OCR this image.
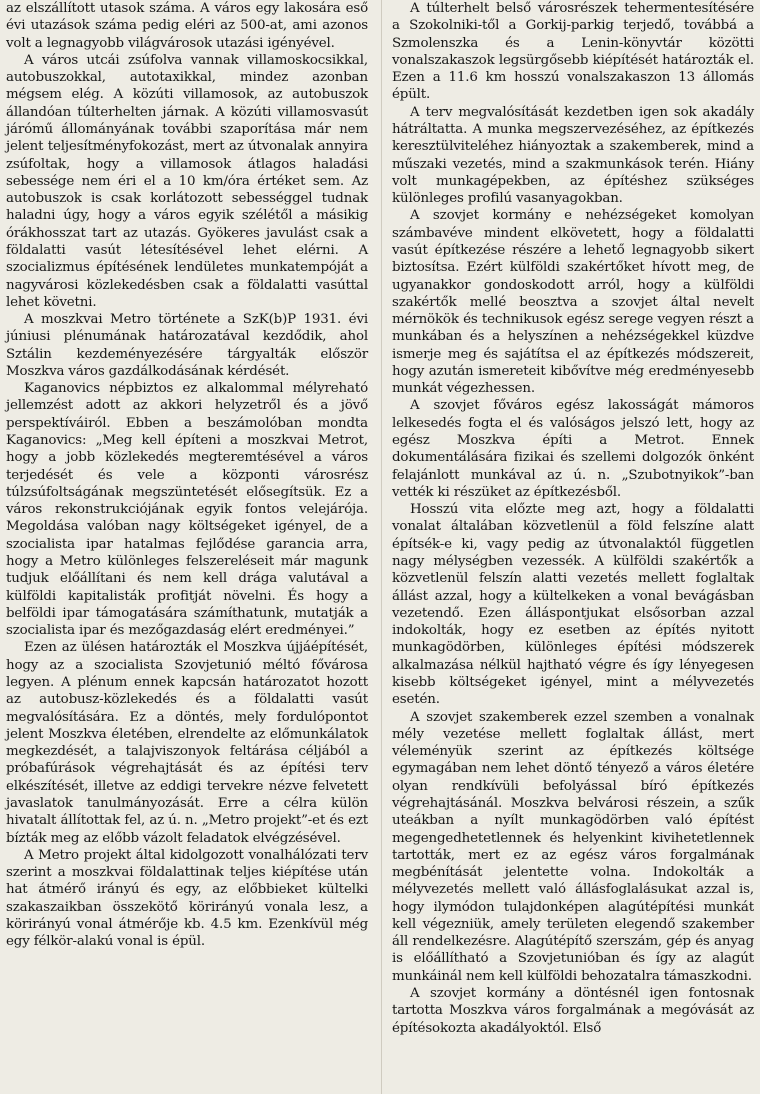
az elszállított utasok száma. A város egy lakosára eső évi utazások száma pedig eléri az 500-at, ami azonos volt a legnagyobb világvárosok utazási igényével.

A város utcái zsúfolva vannak villamoskocsikkal, autobuszokkal, autotaxikkal, mindez azonban mégsem elég. A közúti villamosok, az autobuszok állandóan túlterhelten járnak. A közúti villamosvasút járómű állományának további szaporítása már nem jelent teljesítményfokozást, mert az útvonalak annyira zsúfoltak, hogy a villamosok átlagos haladási sebessége nem éri el a 10 km/óra értéket sem. Az autobuszok is csak korlátozott sebességgel tudnak haladni úgy, hogy a város egyik szélétől a másikig órákhosszat tart az utazás. Gyökeres javulást csak a földalatti vasút létesítésével lehet elérni. A szocializmus építésének lendületes munkatempóját a nagyvárosi közlekedésben csak a földalatti vasúttal lehet követni.

A moszkvai Metro története a SzK(b)P 1931. évi júniusi plénumának határozatával kezdődik, ahol Sztálin kezdeményezésére tárgyalták először Moszkva város gazdálkodásának kérdését.

Kaganovics népbiztos ez alkalommal mélyreható jellemzést adott az akkori helyzetről és a jövő perspektíváiról. Ebben a beszámolóban mondta Kaganovics: „Meg kell építeni a moszkvai Metrot, hogy a jobb közlekedés megteremtésével a város terjedését és vele a központi városrész túlzsúfoltságának megszüntetését elősegítsük. Ez a város rekonstrukciójának egyik fontos velejárója. Megoldása valóban nagy költségeket igényel, de a szocialista ipar hatalmas fejlődése garancia arra, hogy a Metro különleges felszereléseit már magunk tudjuk előállítani és nem kell drága valutával a külföldi kapitalisták profitját növelni. És hogy a belföldi ipar támogatására számíthatunk, mutatják a szocialista ipar és mezőgazdaság elért eredményei.”

Ezen az ülésen határozták el Moszkva újjáépítését, hogy az a szocialista Szovjetunió méltó fővárosa legyen. A plénum ennek kapcsán határozatot hozott az autobusz-közlekedés és a földalatti vasút megvalósítására. Ez a döntés, mely fordulópontot jelent Moszkva életében, elrendelte az előmunkálatok megkezdését, a talajviszonyok feltárása céljából a próbafúrások végrehajtását és az építési terv elkészítését, illetve az eddigi tervekre nézve felvetett javaslatok tanulmányozását. Erre a célra külön hivatalt állítottak fel, az ú. n. „Metro projekt”-et és ezt bízták meg az előbb vázolt feladatok elvégzésével.

A Metro projekt által kidolgozott vonalhálózati terv szerint a moszkvai földalattinak teljes kiépítése után hat átmérő irányú és egy, az előbbieket kültelki szakaszaikban összekötő körirányú vonala lesz, a körirányú vonal átmérője kb. 4.5 km. Ezenkívül még egy félkör-alakú vonal is épül.

A túlterhelt belső városrészek tehermentesítésére a Szokolniki-től a Gorkij-parkig terjedő, továbbá a Szmolenszka és a Lenin-könyvtár közötti vonalszakaszok legsürgősebb kiépítését határozták el. Ezen a 11.6 km hosszú vonalszakaszon 13 állomás épült.

A terv megvalósítását kezdetben igen sok akadály hátráltatta. A munka megszervezéséhez, az építkezés keresztülviteléhez hiányoztak a szakemberek, mind a műszaki vezetés, mind a szakmunkások terén. Hiány volt munkagépekben, az építéshez szükséges különleges profilú vasanyagokban.

A szovjet kormány e nehézségeket komolyan számbavéve mindent elkövetett, hogy a földalatti vasút építkezése részére a lehető legnagyobb sikert biztosítsa. Ezért külföldi szakértőket hívott meg, de ugyanakkor gondoskodott arról, hogy a külföldi szakértők mellé beosztva a szovjet által nevelt mérnökök és technikusok egész serege vegyen részt a munkában és a helyszínen a nehézségekkel küzdve ismerje meg és sajátítsa el az építkezés módszereit, hogy azután ismereteit kibővítve még eredményesebb munkát végezhessen.

A szovjet főváros egész lakosságát mámoros lelkesedés fogta el és valóságos jelszó lett, hogy az egész Moszkva építi a Metrot. Ennek dokumentálására fizikai és szellemi dolgozók önként felajánlott munkával az ú. n. „Szubotnyikok”-ban vették ki részüket az építkezésből.

Hosszú vita előzte meg azt, hogy a földalatti vonalat általában közvetlenül a föld felszíne alatt építsék-e ki, vagy pedig az útvonalaktól független nagy mélységben vezessék. A külföldi szakértők a közvetlenül felszín alatti vezetés mellett foglaltak állást azzal, hogy a kültelkeken a vonal bevágásban vezetendő. Ezen álláspontjukat elsősorban azzal indokolták, hogy ez esetben az építés nyitott munkagödörben, különleges építési módszerek alkalmazása nélkül hajtható végre és így lényegesen kisebb költségeket igényel, mint a mélyvezetés esetén.

A szovjet szakemberek ezzel szemben a vonalnak mély vezetése mellett foglaltak állást, mert véleményük szerint az építkezés költsége egymagában nem lehet döntő tényező a város életére olyan rendkívüli befolyással bíró építkezés végrehajtásánál. Moszkva belvárosi részein, a szűk uteákban a nyílt munkagödörben való építést megengedhetetlennek és helyenkint kivihetetlennek tartották, mert ez az egész város forgalmának megbénítását jelentette volna. Indokolták a mélyvezetés mellett való állásfoglalásukat azzal is, hogy ilymódon tulajdonképen alagútépítési munkát kell végezniük, amely területen elegendő szakember áll rendelkezésre. Alagútépítő szerszám, gép és anyag is előállítható a Szovjetunióban és így az alagút munkáinál nem kell külföldi behozatalra támaszkodni.

A szovjet kormány a döntésnél igen fontosnak tartotta Moszkva város forgalmának a megóvását az építésokozta akadályoktól. Első
